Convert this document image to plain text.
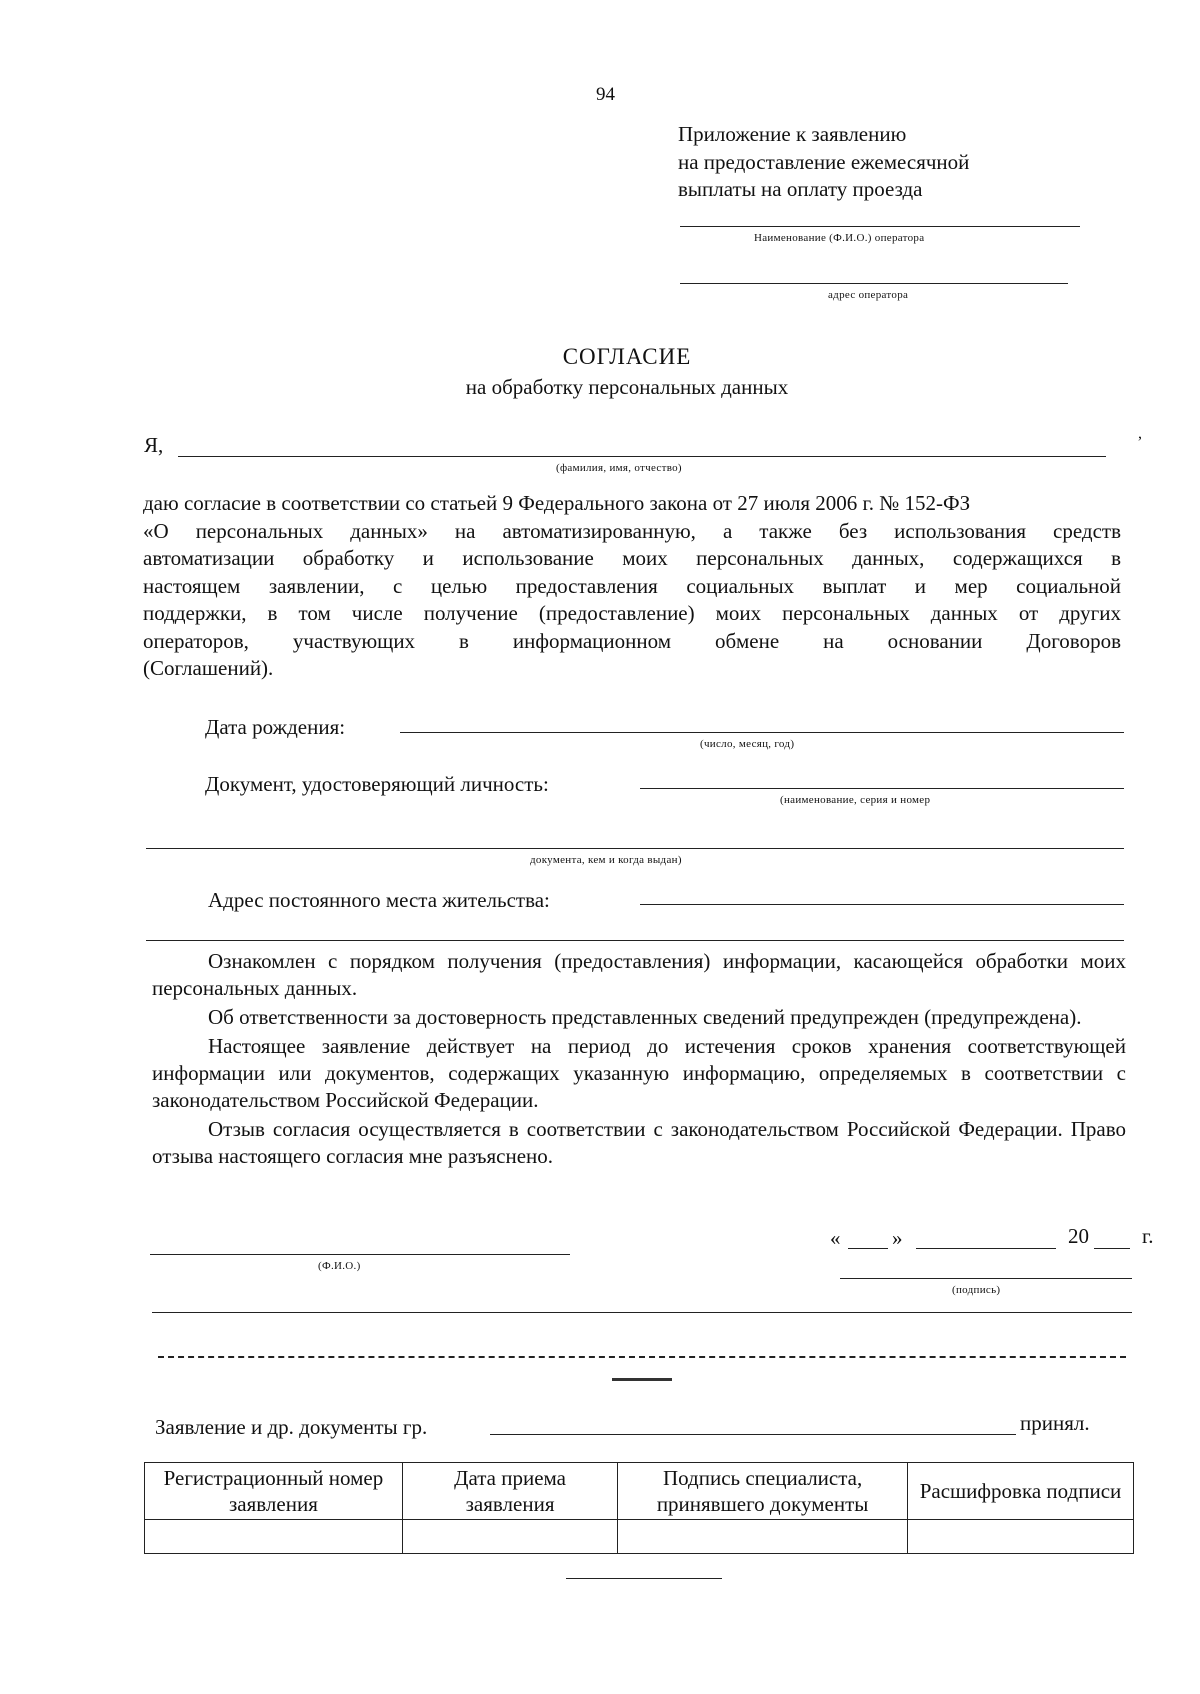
94
Приложение к заявлению
на предоставление ежемесячной
выплаты на оплату проезда
Наименование (Ф.И.О.) оператора
адрес оператора
СОГЛАСИЕ
на обработку персональных данных
Я,	,
(фамилия, имя, отчество)
даю согласие в соответствии со статьей 9 Федерального закона от 27 июля 2006 г. № 152-ФЗ
«О персональных данных» на автоматизированную, а также без использования средств
автоматизации обработку и использование моих персональных данных, содержащихся в
настоящем заявлении, с целью предоставления социальных выплат и мер социальной
поддержки, в том числе получение (предоставление) моих персональных данных от других
операторов, участвующих в информационном обмене на основании Договоров
(Соглашений).
Дата рождения:
(число, месяц, год)
Документ, удостоверяющий личность:
(наименование, серия и номер
документа, кем и когда выдан)
Адрес постоянного места жительства:

Ознакомлен с порядком получения (предоставления) информации, касающейся обработки моих персональных данных.

Об ответственности за достоверность представленных сведений предупрежден (предупреждена).

Настоящее заявление действует на период до истечения сроков хранения соответствующей информации или документов, содержащих указанную информацию, определяемых в соответствии с законодательством Российской Федерации.

Отзыв согласия осуществляется в соответствии с законодательством Российской Федерации. Право отзыва настоящего согласия мне разъяснено.

(Ф.И.О.)
« »	20	г.
(подпись)
Заявление и др. документы гр.	принял.
Регистрационный номер заявления	Дата приема заявления	Подпись специалиста, принявшего документы	Расшифровка подписи
